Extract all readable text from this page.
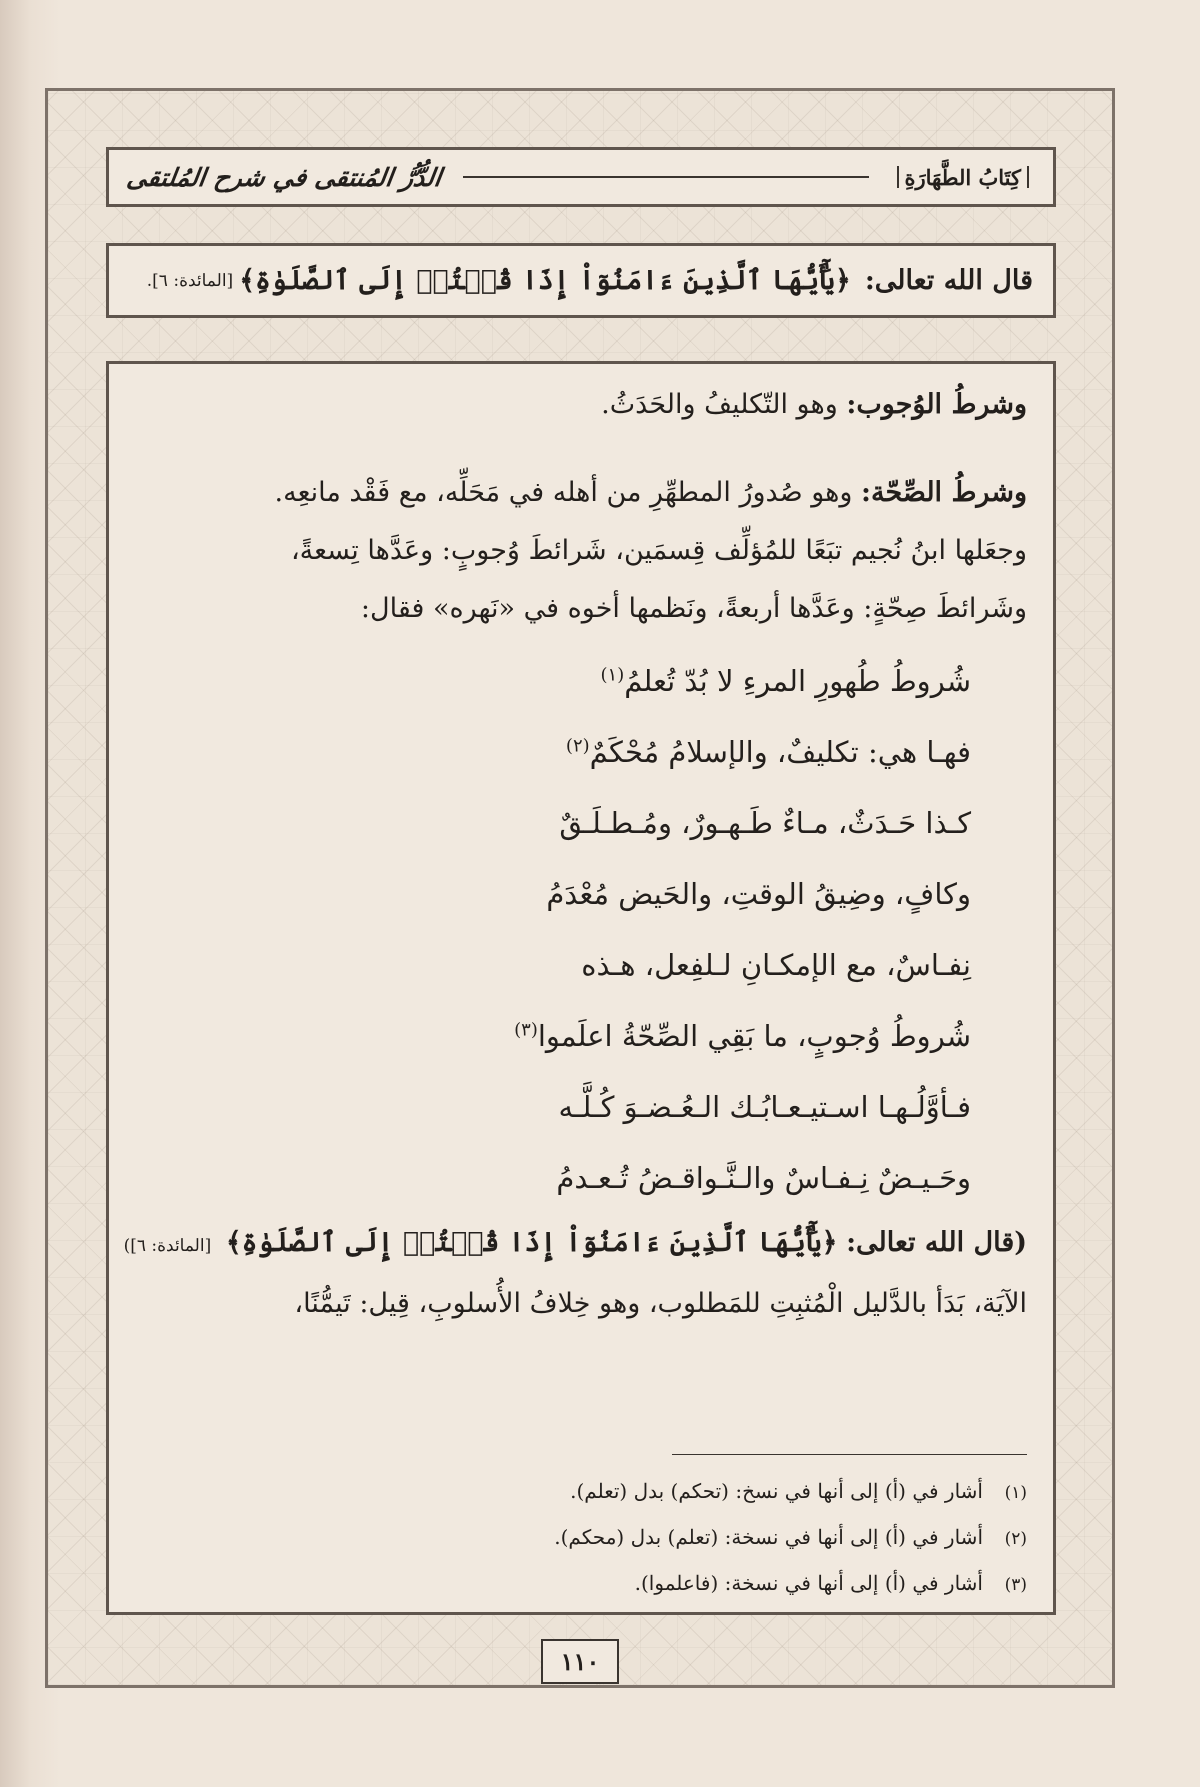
كِتَابُ الطَّهَارَةِ
الدُّرُّ المُنتقى في شرح المُلتقى
قال الله تعالى:
﴿يَٰٓأَيُّهَا ٱلَّذِينَ ءَامَنُوٓاْ إِذَا قُمۡتُمۡ إِلَى ٱلصَّلَوٰةِ﴾
[المائدة: ٦].

وشرطُ الوُجوب: وهو التّكليفُ والحَدَثُ.

وشرطُ الصِّحّة: وهو صُدورُ المطهِّرِ من أهله في مَحَلِّه، مع فَقْد مانعِه.

وجعَلها ابنُ نُجيم تبَعًا للمُؤلِّف قِسمَين، شَرائطَ وُجوبٍ: وعَدَّها تِسعةً،

وشَرائطَ صِحّةٍ: وعَدَّها أربعةً، ونَظمها أخوه في «نَهره» فقال:

شُروطُ طُهورِ المرءِ لا بُدّ تُعلمُ$^{(١)}$

فهـا هي: تكليفٌ، والإسلامُ مُحْكَمٌ$^{(٢)}$

كـذا حَـدَثٌ، مـاءٌ طَـهـورٌ، ومُـطـلَـقٌ

وكافٍ، وضِيقُ الوقتِ، والحَيض مُعْدَمُ

نِفـاسٌ، مع الإمكـانِ لـلفِعل، هـذه

شُروطُ وُجوبٍ، ما بَقِي الصِّحّةُ اعلَموا$^{(٣)}$

فـأوَّلُـهـا اسـتيـعـابُـك الـعُـضـوَ كُـلَّـه

وحَـيـضٌ نِـفـاسٌ والـنَّـواقـضُ تُـعـدمُ

(قال الله تعالى: ﴿يَٰٓأَيُّهَا ٱلَّذِينَ ءَامَنُوٓاْ إِذَا قُمۡتُمۡ إِلَى ٱلصَّلَوٰةِ﴾ [المائدة: ٦])

الآيَة، بَدَأ بالدَّليل الْمُثبِتِ للمَطلوب، وهو خِلافُ الأُسلوبِ، قِيل: تَيمُّنًا،

(١)أشار في (أ) إلى أنها في نسخ: (تحكم) بدل (تعلم).
(٢)أشار في (أ) إلى أنها في نسخة: (تعلم) بدل (محكم).
(٣)أشار في (أ) إلى أنها في نسخة: (فاعلموا).
١١٠
